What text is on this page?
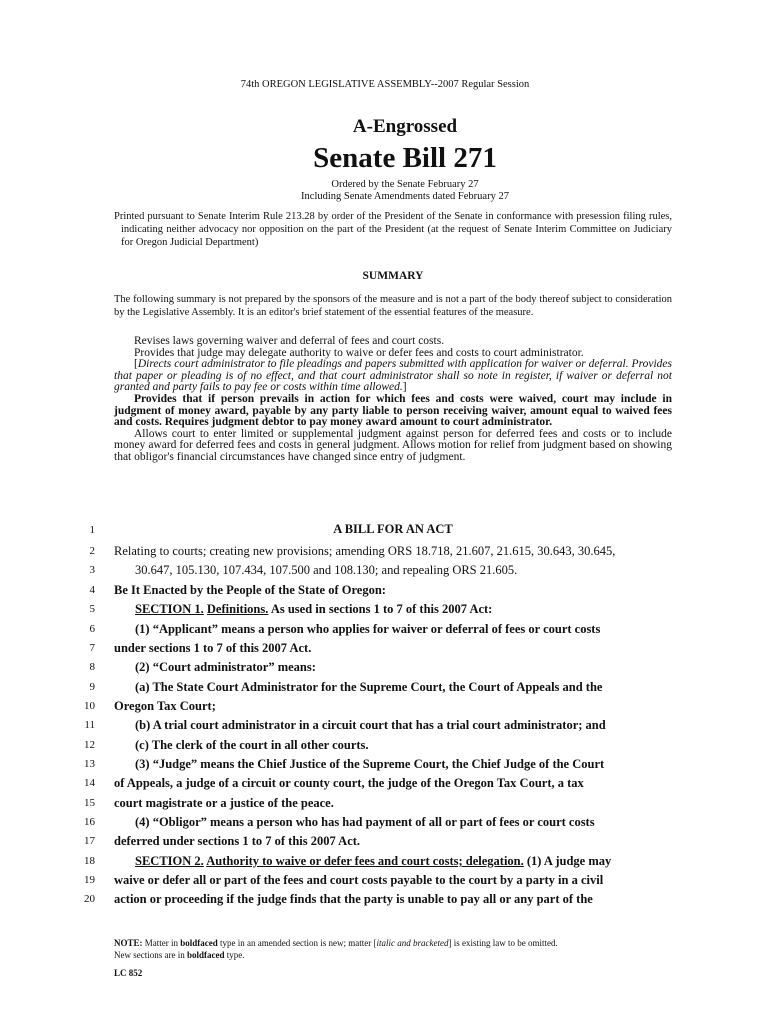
74th OREGON LEGISLATIVE ASSEMBLY--2007 Regular Session
A-Engrossed
Senate Bill 271
Ordered by the Senate February 27
Including Senate Amendments dated February 27
Printed pursuant to Senate Interim Rule 213.28 by order of the President of the Senate in conformance with presession filing rules, indicating neither advocacy nor opposition on the part of the President (at the request of Senate Interim Committee on Judiciary for Oregon Judicial Department)
SUMMARY
The following summary is not prepared by the sponsors of the measure and is not a part of the body thereof subject to consideration by the Legislative Assembly. It is an editor's brief statement of the essential features of the measure.

Revises laws governing waiver and deferral of fees and court costs.

Provides that judge may delegate authority to waive or defer fees and costs to court administrator.

[Directs court administrator to file pleadings and papers submitted with application for waiver or deferral. Provides that paper or pleading is of no effect, and that court administrator shall so note in register, if waiver or deferral not granted and party fails to pay fee or costs within time allowed.]

Provides that if person prevails in action for which fees and costs were waived, court may include in judgment of money award, payable by any party liable to person receiving waiver, amount equal to waived fees and costs. Requires judgment debtor to pay money award amount to court administrator.

Allows court to enter limited or supplemental judgment against person for deferred fees and costs or to include money award for deferred fees and costs in general judgment. Allows motion for relief from judgment based on showing that obligor's financial circumstances have changed since entry of judgment.

A BILL FOR AN ACT
1
2
3
4
5
6
7
8
9
10
11
12
13
14
15
16
17
18
19
20
Relating to courts; creating new provisions; amending ORS 18.718, 21.607, 21.615, 30.643, 30.645,
30.647, 105.130, 107.434, 107.500 and 108.130; and repealing ORS 21.605.
Be It Enacted by the People of the State of Oregon:
SECTION 1. Definitions. As used in sections 1 to 7 of this 2007 Act:
(1) “Applicant” means a person who applies for waiver or deferral of fees or court costs
under sections 1 to 7 of this 2007 Act.
(2) “Court administrator” means:
(a) The State Court Administrator for the Supreme Court, the Court of Appeals and the
Oregon Tax Court;
(b) A trial court administrator in a circuit court that has a trial court administrator; and
(c) The clerk of the court in all other courts.
(3) “Judge” means the Chief Justice of the Supreme Court, the Chief Judge of the Court
of Appeals, a judge of a circuit or county court, the judge of the Oregon Tax Court, a tax
court magistrate or a justice of the peace.
(4) “Obligor” means a person who has had payment of all or part of fees or court costs
deferred under sections 1 to 7 of this 2007 Act.
SECTION 2. Authority to waive or defer fees and court costs; delegation. (1) A judge may
waive or defer all or part of the fees and court costs payable to the court by a party in a civil
action or proceeding if the judge finds that the party is unable to pay all or any part of the
NOTE: Matter in boldfaced type in an amended section is new; matter [italic and bracketed] is existing law to be omitted.
New sections are in boldfaced type.
LC 852
